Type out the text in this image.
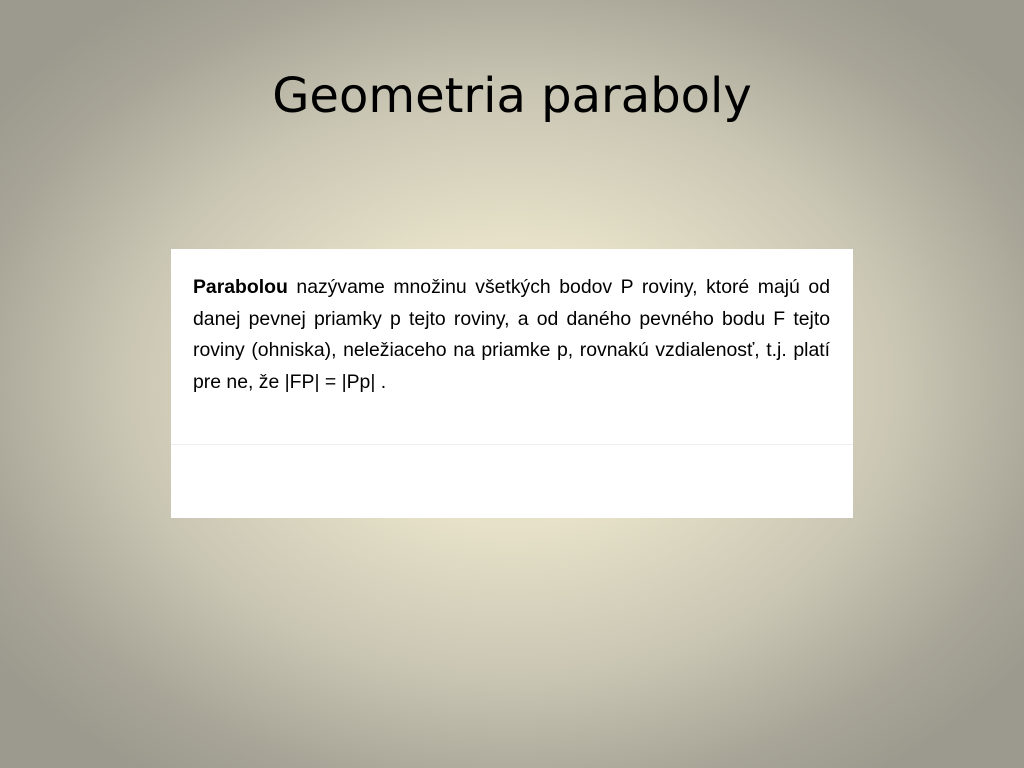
Geometria paraboly

Parabolou nazývame množinu všetkých bodov P roviny, ktoré majú od danej pevnej priamky p tejto roviny, a od daného pevného bodu F tejto roviny (ohniska), neležiaceho na priamke p, rovnakú vzdialenosť, t.j. platí pre ne, že |FP| = |Pp| .
